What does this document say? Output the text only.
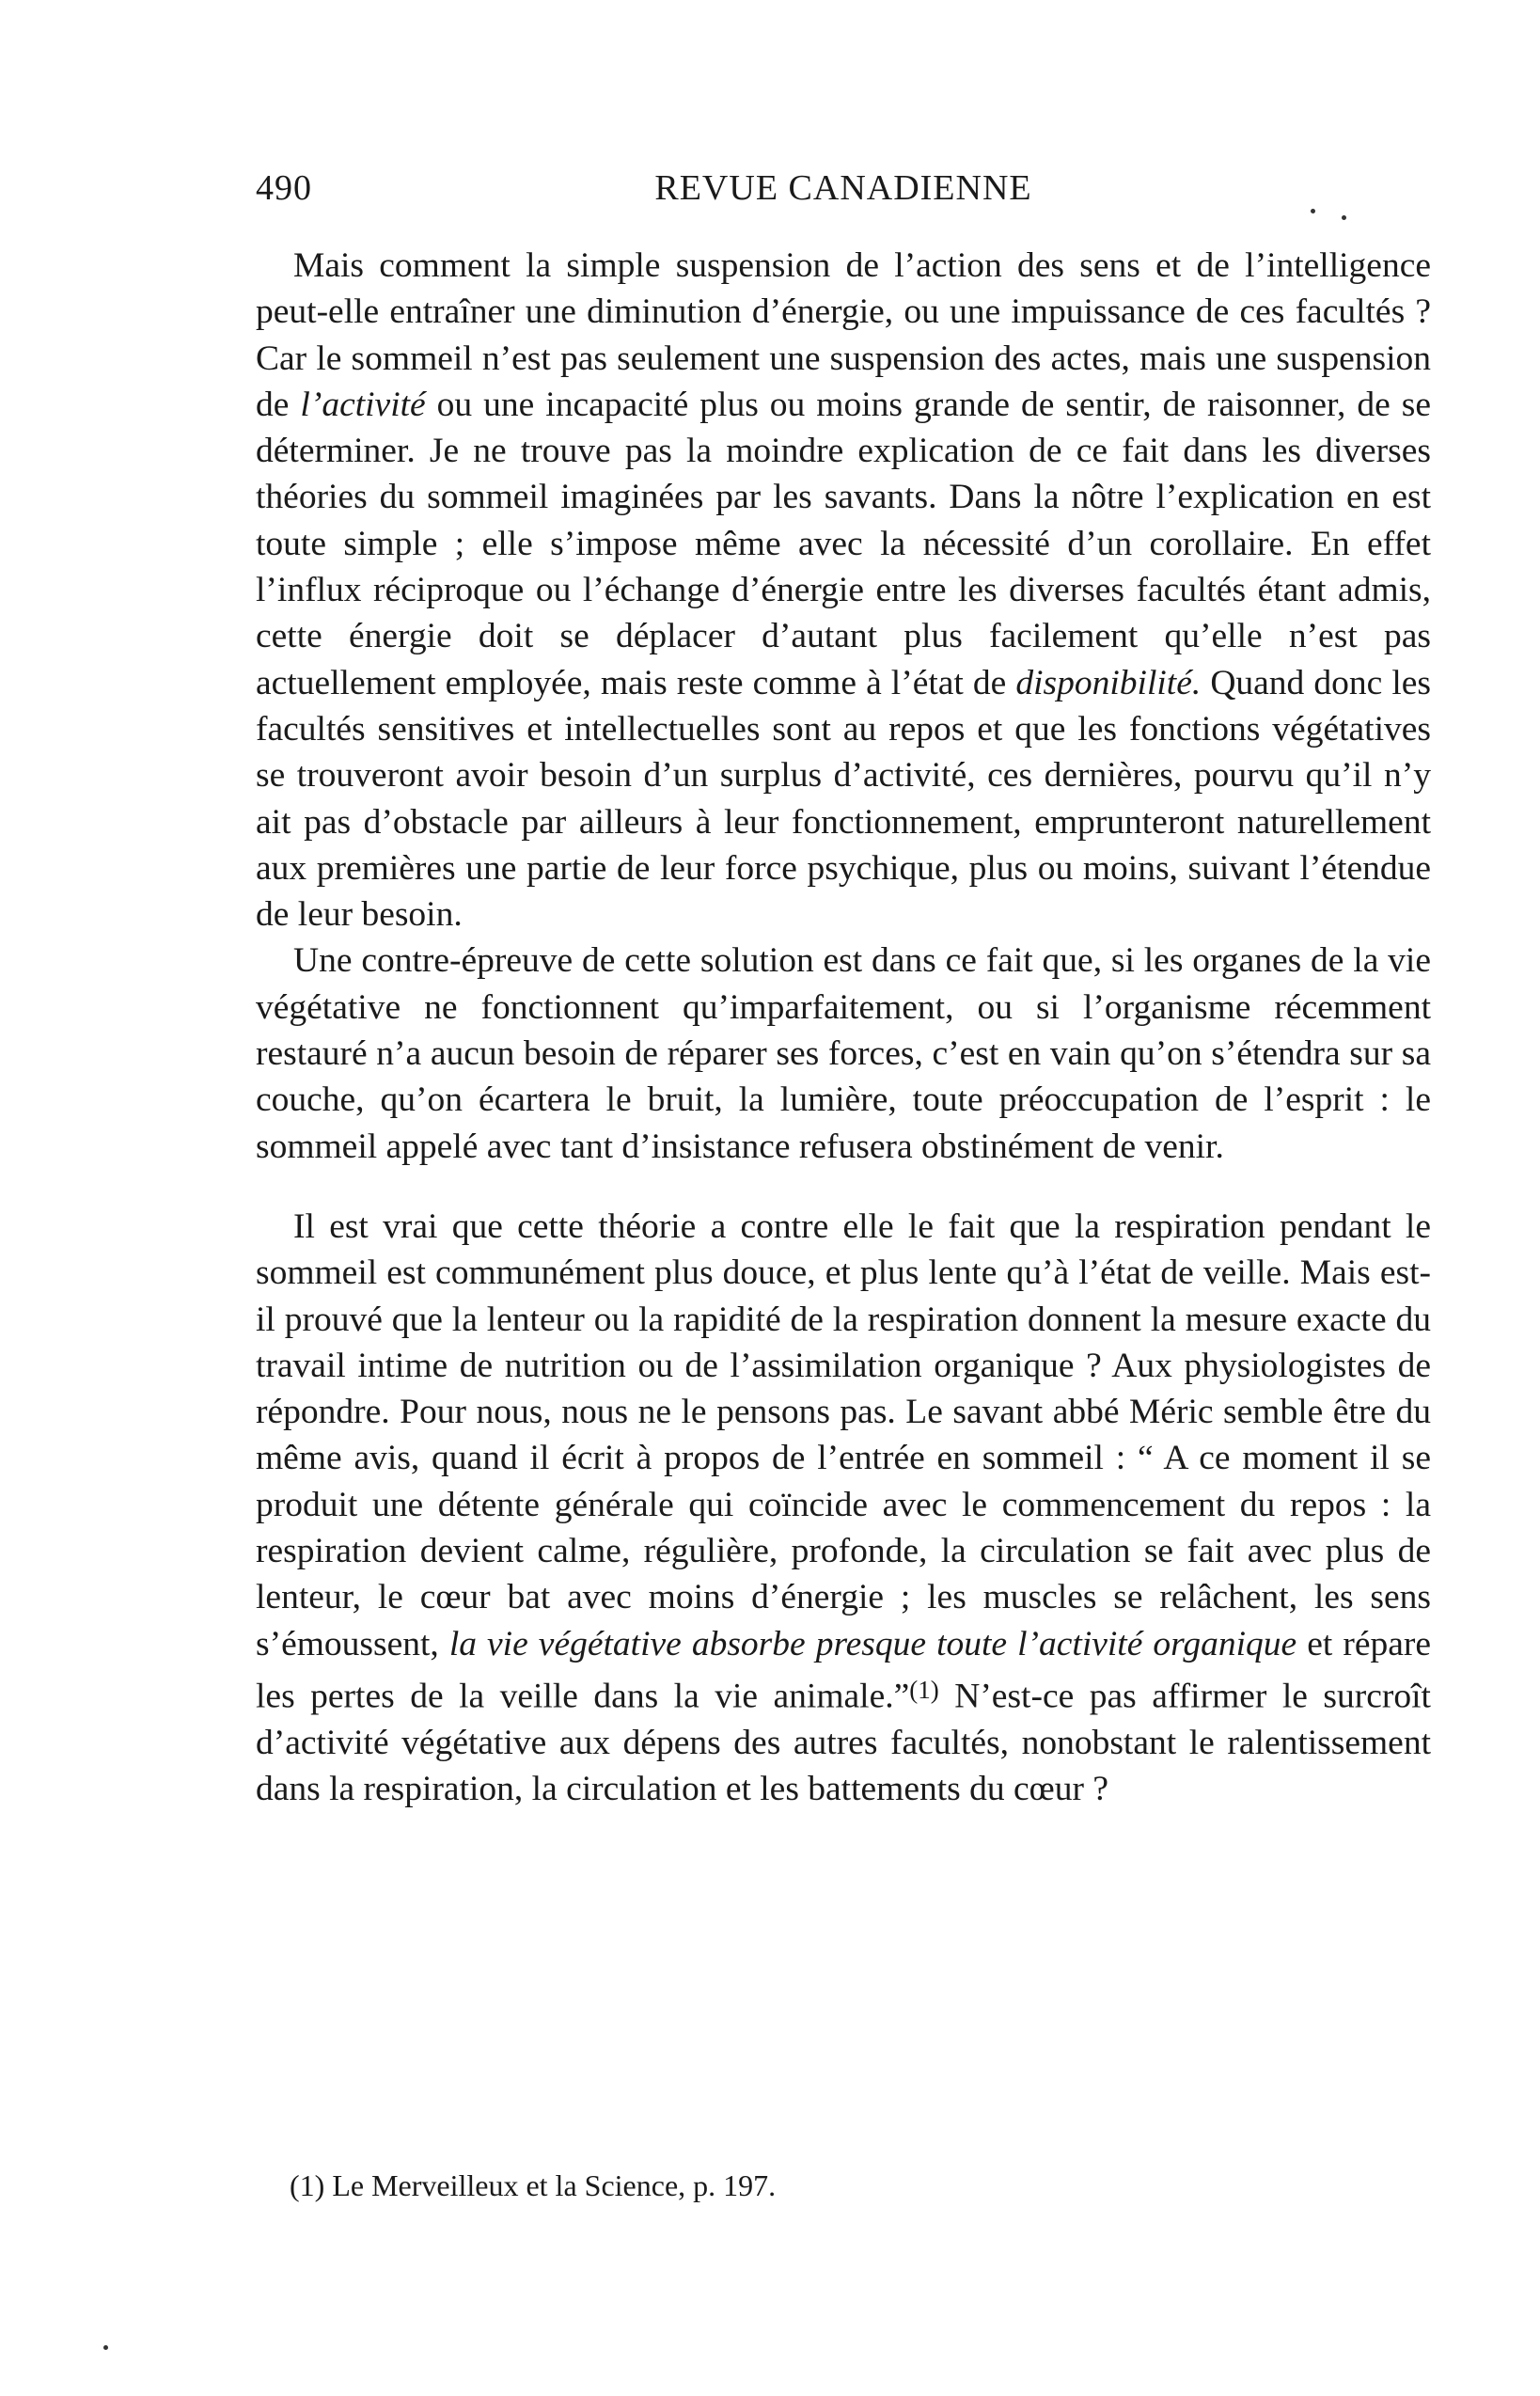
490	REVUE CANADIENNE

Mais comment la simple suspension de l’action des sens et de l’intelligence peut-elle entraîner une diminution d’énergie, ou une impuissance de ces facultés ? Car le sommeil n’est pas seulement une suspension des actes, mais une suspension de l’activité ou une incapacité plus ou moins grande de sentir, de raisonner, de se déterminer. Je ne trouve pas la moindre explication de ce fait dans les diverses théories du sommeil imaginées par les savants. Dans la nôtre l’explication en est toute simple ; elle s’impose même avec la nécessité d’un corollaire. En effet l’influx réciproque ou l’échange d’énergie entre les diverses facultés étant admis, cette énergie doit se déplacer d’autant plus facilement qu’elle n’est pas actuellement employée, mais reste comme à l’état de disponibilité. Quand donc les facultés sensitives et intellectuelles sont au repos et que les fonctions végétatives se trouveront avoir besoin d’un surplus d’activité, ces dernières, pourvu qu’il n’y ait pas d’obstacle par ailleurs à leur fonctionnement, emprunteront naturellement aux premières une partie de leur force psychique, plus ou moins, suivant l’étendue de leur besoin.

Une contre-épreuve de cette solution est dans ce fait que, si les organes de la vie végétative ne fonctionnent qu’imparfaitement, ou si l’organisme récemment restauré n’a aucun besoin de réparer ses forces, c’est en vain qu’on s’étendra sur sa couche, qu’on écartera le bruit, la lumière, toute préoccupation de l’esprit : le sommeil appelé avec tant d’insistance refusera obstinément de venir.

Il est vrai que cette théorie a contre elle le fait que la respiration pendant le sommeil est communément plus douce, et plus lente qu’à l’état de veille. Mais est-il prouvé que la lenteur ou la rapidité de la respiration donnent la mesure exacte du travail intime de nutrition ou de l’assimilation organique ? Aux physiologistes de répondre. Pour nous, nous ne le pensons pas. Le savant abbé Méric semble être du même avis, quand il écrit à propos de l’entrée en sommeil : “ A ce moment il se produit une détente générale qui coïncide avec le commencement du repos : la respiration devient calme, régulière, profonde, la circulation se fait avec plus de lenteur, le cœur bat avec moins d’énergie ; les muscles se relâchent, les sens s’émoussent, la vie végétative absorbe presque toute l’activité organique et répare les pertes de la veille dans la vie animale.”$^{(1)}$ N’est-ce pas affirmer le surcroît d’activité végétative aux dépens des autres facultés, nonobstant le ralentissement dans la respiration, la circulation et les battements du cœur ?

(1) Le Merveilleux et la Science, p. 197.
